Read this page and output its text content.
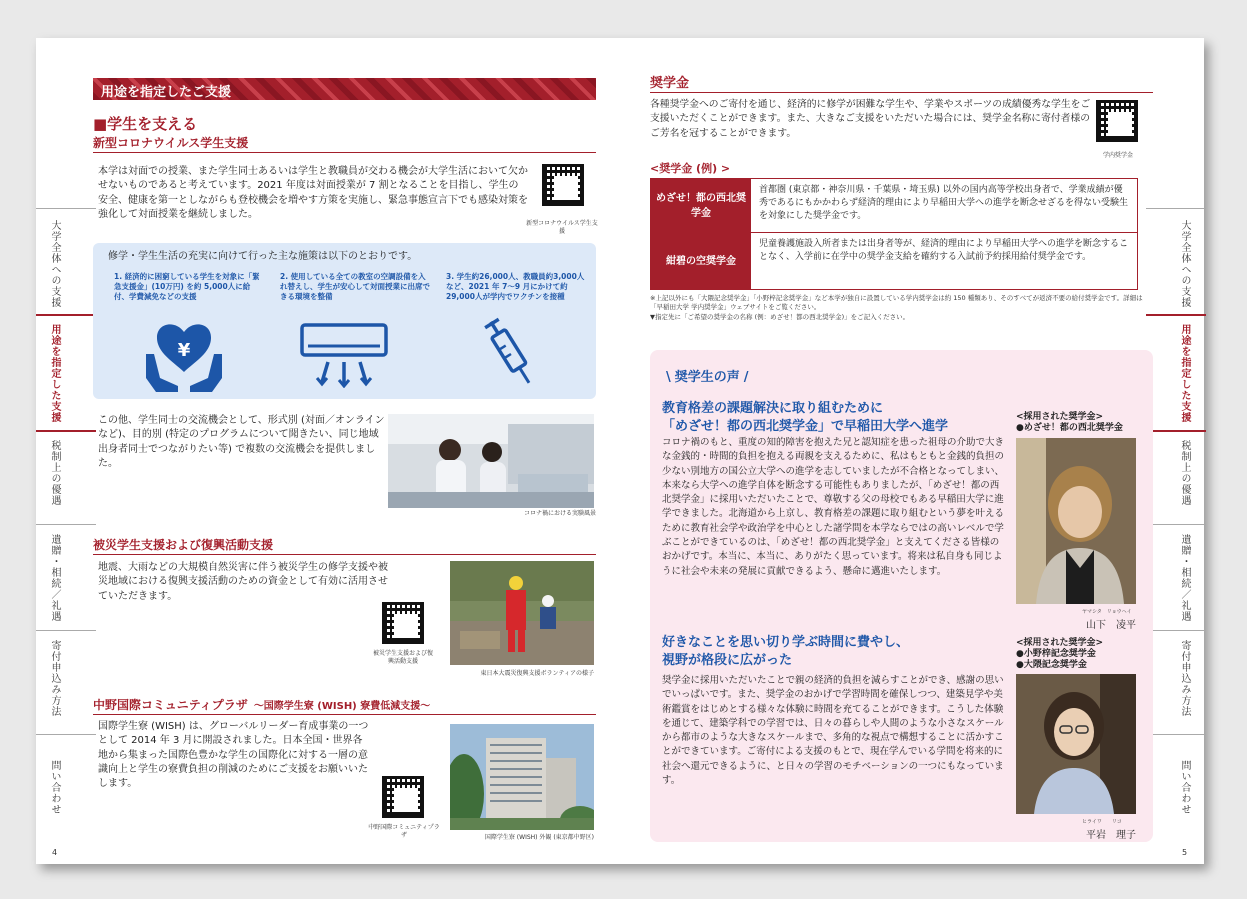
大学全体への支援
用途を指定した支援
税制上の優遇
遺贈・相続／礼遇
寄付申込み方法
問い合わせ
4
大学全体への支援
用途を指定した支援
税制上の優遇
遺贈・相続／礼遇
寄付申込み方法
問い合わせ
5
用途を指定したご支援
■学生を支える
新型コロナウイルス学生支援
本学は対面での授業、また学生同士あるいは学生と教職員が交わる機会が大学生活において欠かせないものであると考えています。2021 年度は対面授業が 7 割となることを目指し、学生の安全、健康を第一としながらも登校機会を増やす方策を実施し、緊急事態宣言下でも感染対策を強化して対面授業を継続しました。
新型コロナウイルス学生支援
修学・学生生活の充実に向けて行った主な施策は以下のとおりです。
1. 経済的に困窮している学生を対象に「緊急支援金」(10万円) を約 5,000人に給付、学費減免などの支援
2. 使用している全ての教室の空調設備を入れ替えし、学生が安心して対面授業に出席できる環境を整備
3. 学生約26,000人、教職員約3,000人など、2021 年 7～9 月にかけて約29,000人が学内でワクチンを接種
¥
この他、学生同士の交流機会として、形式別 (対面／オンラインなど)、目的別 (特定のプログラムについて聞きたい、同じ地域出身者同士でつながりたい等) で複数の交流機会を提供しました。
コロナ禍における実験風景
被災学生支援および復興活動支援
地震、大雨などの大規模自然災害に伴う被災学生の修学支援や被災地域における復興支援活動のための資金として有効に活用させていただきます。
被災学生支援および復興活動支援
東日本大震災復興支援ボランティアの様子
中野国際コミュニティプラザ ～国際学生寮 (WISH) 寮費低減支援～
国際学生寮 (WISH) は、グローバルリーダー育成事業の一つとして 2014 年 3 月に開設されました。日本全国・世界各地から集まった国際色豊かな学生の国際化に対する一層の意識向上と学生の寮費負担の削減のためにご支援をお願いいたします。
中野国際コミュニティプラザ	国際学生寮 (WISH) 外観 (東京都中野区)
奨学金
各種奨学金へのご寄付を通じ、経済的に修学が困難な学生や、学業やスポーツの成績優秀な学生をご支援いただくことができます。また、大きなご支援をいただいた場合には、奨学金名称に寄付者様のご芳名を冠することができます。
学内奨学金
<奨学金 (例) >
めざせ！都の西北奨学金
首都圏 (東京都・神奈川県・千葉県・埼玉県) 以外の国内高等学校出身者で、学業成績が優秀であるにもかかわらず経済的理由により早稲田大学への進学を断念せざるを得ない受験生を対象にした奨学金です。
紺碧の空奨学金
児童養護施設入所者または出身者等が、経済的理由により早稲田大学への進学を断念することなく、入学前に在学中の奨学金支給を確約する入試前予約採用給付奨学金です。
※上記以外にも「大隈記念奨学金」「小野梓記念奨学金」など本学が独自に設置している学内奨学金は約 150 種類あり、そのすべてが返済不要の給付奨学金です。詳細は「早稲田大学 学内奨学金」ウェブサイトをご覧ください。
▼指定先に「ご希望の奨学金の名称 (例：めざせ！都の西北奨学金)」をご記入ください。
\ 奨学生の声 /
教育格差の課題解決に取り組むために
「めざせ！都の西北奨学金」で早稲田大学へ進学
<採用された奨学金>
●めざせ！都の西北奨学金
コロナ禍のもと、重度の知的障害を抱えた兄と認知症を患った祖母の介助で大きな金銭的・時間的負担を抱える両親を支えるために、私はもともと金銭的負担の少ない別地方の国公立大学への進学を志していましたが不合格となってしまい、本来なら大学への進学自体を断念する可能性もありましたが、「めざせ！都の西北奨学金」に採用いただいたことで、尊敬する父の母校でもある早稲田大学に進学できました。北海道から上京し、教育格差の課題に取り組むという夢を叶えるために教育社会学や政治学を中心とした諸学問を本学ならではの高いレベルで学ぶことができているのは、「めざせ！都の西北奨学金」と支えてくださる皆様のおかげです。本当に、本当に、ありがたく思っています。将来は私自身も同じように社会や未来の発展に貢献できるよう、懸命に邁進いたします。
ヤマシタ　リョウヘイ
山下　凌平
好きなことを思い切り学ぶ時間に費やし、
視野が格段に広がった
<採用された奨学金>
●小野梓記念奨学金
●大隈記念奨学金
奨学金に採用いただいたことで親の経済的負担を減らすことができ、感謝の思いでいっぱいです。また、奨学金のおかげで学習時間を確保しつつ、建築見学や美術鑑賞をはじめとする様々な体験に時間を充てることができます。こうした体験を通じて、建築学科での学習では、日々の暮らしや人間のような小さなスケールから都市のような大きなスケールまで、多角的な視点で構想することに活かすことができています。ご寄付による支援のもとで、現在学んでいる学問を将来的に社会へ還元できるように、と日々の学習のモチベーションの一つにもなっています。
ヒライワ　　リコ
平岩　理子
